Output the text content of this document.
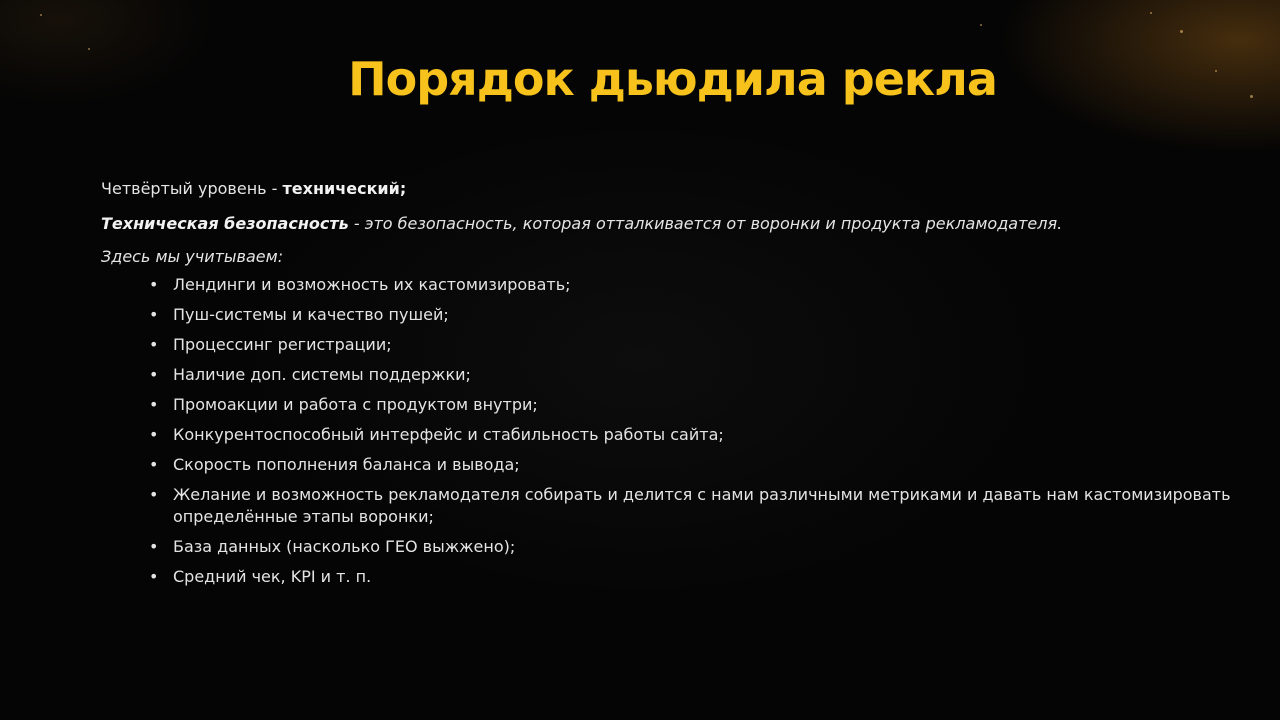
Порядок дьюдила рекла

Четвёртый уровень - технический;

Техническая безопасность - это безопасность, которая отталкивается от воронки и продукта рекламодателя.

Здесь мы учитываем:

• Лендинги и возможность их кастомизировать;
• Пуш-системы и качество пушей;
• Процессинг регистрации;
• Наличие доп. системы поддержки;
• Промоакции и работа с продуктом внутри;
• Конкурентоспособный интерфейс и стабильность работы сайта;
• Скорость пополнения баланса и вывода;
• Желание и возможность рекламодателя собирать и делится с нами различными метриками и давать нам кастомизировать определённые этапы воронки;
• База данных (насколько ГЕО выжжено);
• Средний чек, KPI и т. п.
